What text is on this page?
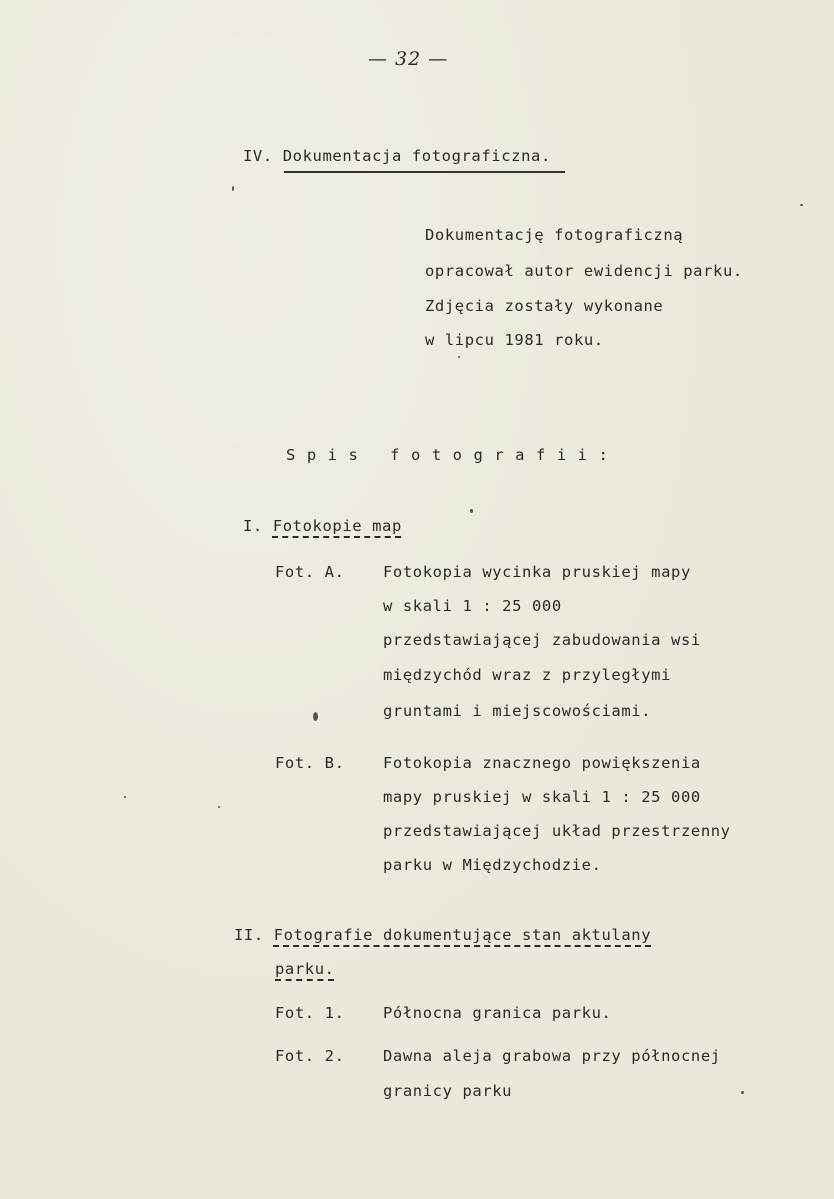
— 32 —
IV. Dokumentacja fotograficzna.
Dokumentację fotograficzną
opracował autor ewidencji parku.
Zdjęcia zostały wykonane
w lipcu 1981 roku.
Spis fotografii:
I. Fotokopie map
Fot. A. Fotokopia wycinka pruskiej mapy
w skali 1 : 25 000
przedstawiającej zabudowania wsi
międzychód wraz z przyległymi
gruntami i miejscowościami.
Fot. B. Fotokopia znacznego powiększenia
mapy pruskiej w skali 1 : 25 000
przedstawiającej układ przestrzenny
parku w Międzychodzie.
II. Fotografie dokumentujące stan aktulany
parku.
Fot. 1. Północna granica parku.
Fot. 2. Dawna aleja grabowa przy północnej
granicy parku
